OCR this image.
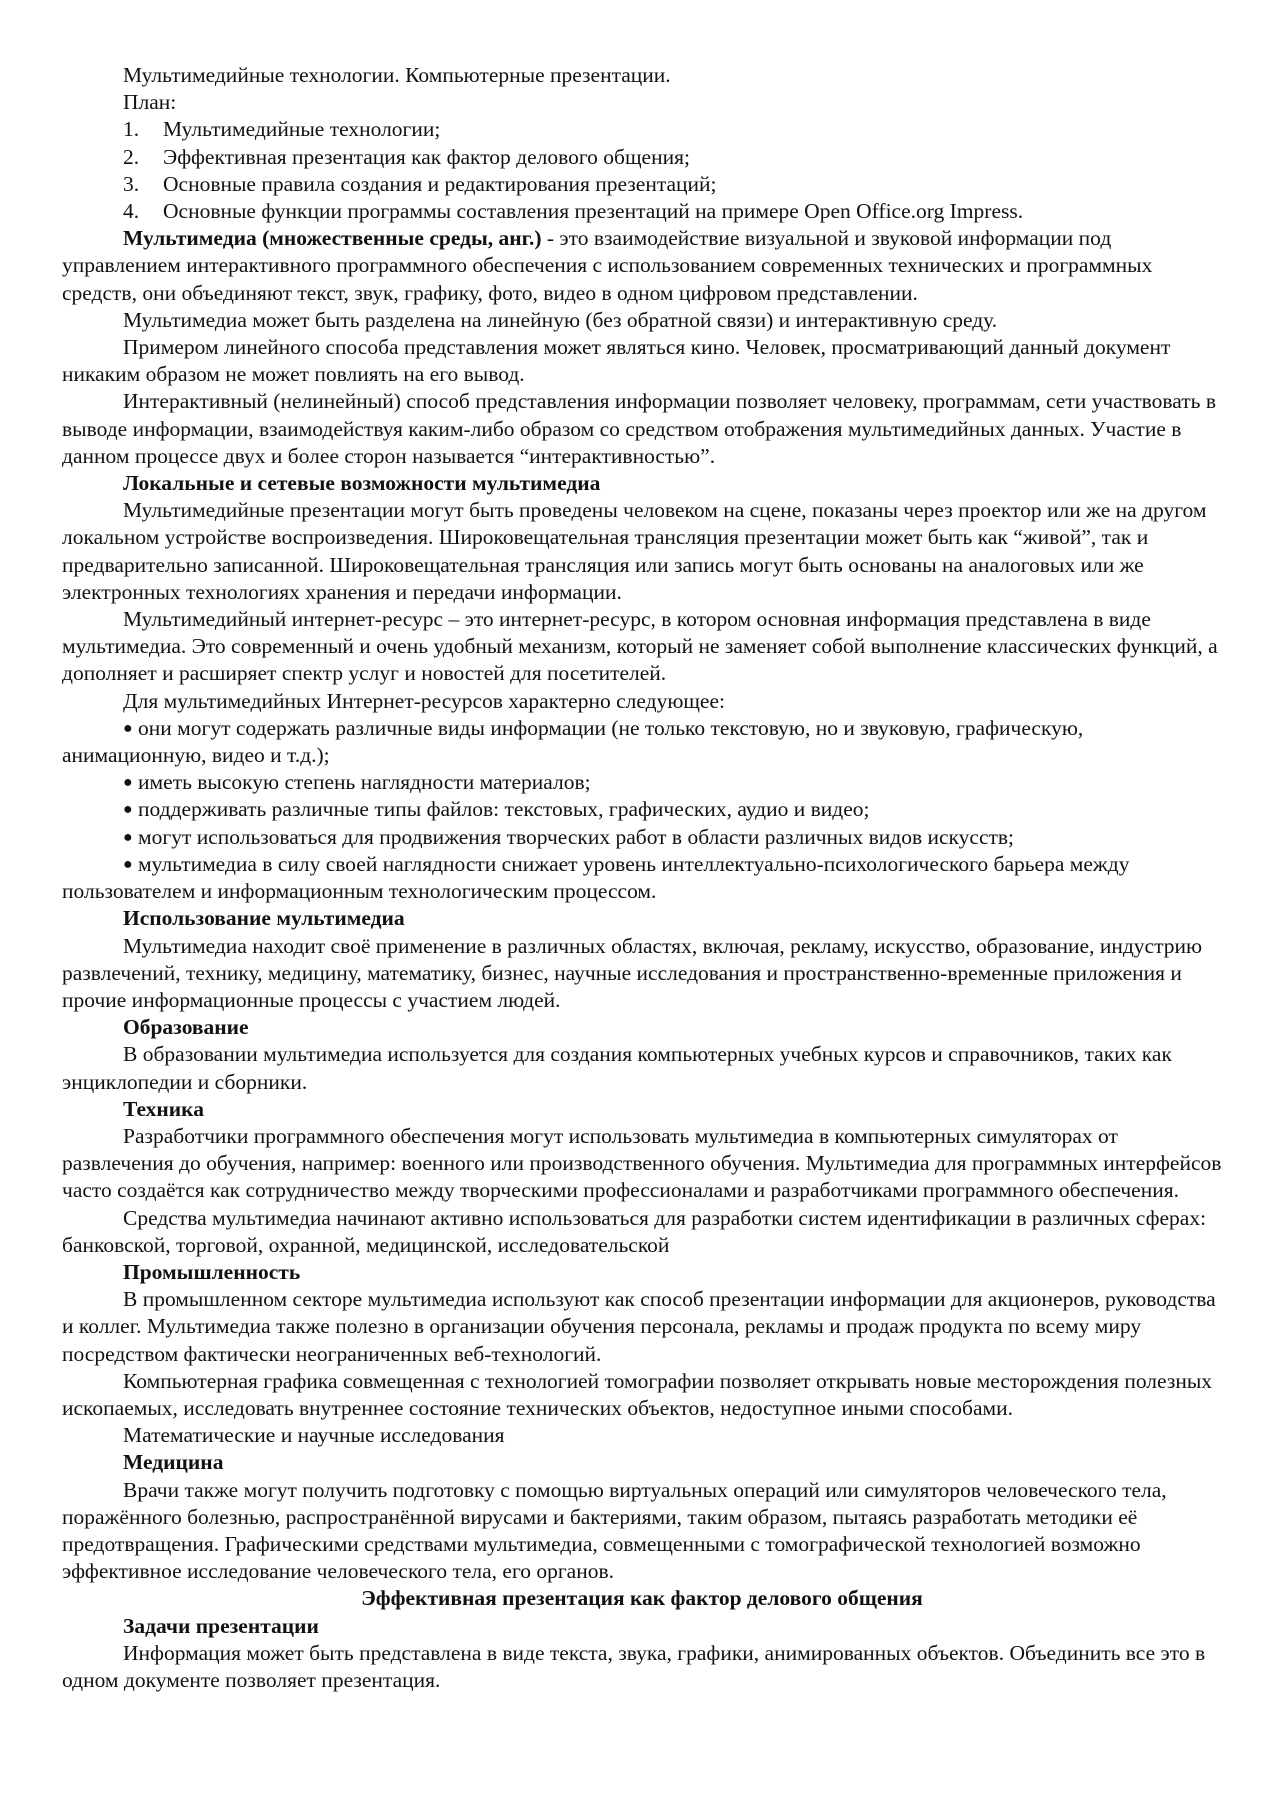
Мультимедийные технологии. Компьютерные презентации.

План:

1.	Мультимедийные технологии;
2.	Эффективная презентация как фактор делового общения;
3.	Основные правила создания и редактирования презентаций;
4.	Основные функции программы составления презентаций на примере Open Office.org Impress.

Мультимедиа (множественные среды, анг.) - это взаимодействие визуальной и звуковой информации под управлением интерактивного программного обеспечения с использованием современных технических и программных средств, они объединяют текст, звук, графику, фото, видео в одном цифровом представлении.

Мультимедиа может быть разделена на линейную (без обратной связи) и интерактивную среду.

Примером линейного способа представления может являться кино. Человек, просматривающий данный документ никаким образом не может повлиять на его вывод.

Интерактивный (нелинейный) способ представления информации позволяет человеку, программам, сети участвовать в выводе информации, взаимодействуя каким-либо образом со средством отображения мультимедийных данных. Участие в данном процессе двух и более сторон называется “интерактивностью”.

Локальные и сетевые возможности мультимедиа

Мультимедийные презентации могут быть проведены человеком на сцене, показаны через проектор или же на другом локальном устройстве воспроизведения. Широковещательная трансляция презентации может быть как “живой”, так и предварительно записанной. Широковещательная трансляция или запись могут быть основаны на аналоговых или же электронных технологиях хранения и передачи информации.

Мультимедийный интернет-ресурс – это интернет-ресурс, в котором основная информация представлена в виде мультимедиа. Это современный и очень удобный механизм, который не заменяет собой выполнение классических функций, а дополняет и расширяет спектр услуг и новостей для посетителей.

Для мультимедийных Интернет-ресурсов характерно следующее:

● они могут содержать различные виды информации (не только текстовую, но и звуковую, графическую, анимационную, видео и т.д.);

● иметь высокую степень наглядности материалов;

● поддерживать различные типы файлов: текстовых, графических, аудио и видео;

● могут использоваться для продвижения творческих работ в области различных видов искусств;

● мультимедиа в силу своей наглядности снижает уровень интеллектуально-психологического барьера между пользователем и информационным технологическим процессом.

Использование мультимедиа

Мультимедиа находит своё применение в различных областях, включая, рекламу, искусство, образование, индустрию развлечений, технику, медицину, математику, бизнес, научные исследования и пространственно-временные приложения и прочие информационные процессы с участием людей.

Образование

В образовании мультимедиа используется для создания компьютерных учебных курсов и справочников, таких как энциклопедии и сборники.

Техника

Разработчики программного обеспечения могут использовать мультимедиа в компьютерных симуляторах от развлечения до обучения, например: военного или производственного обучения. Мультимедиа для программных интерфейсов часто создаётся как сотрудничество между творческими профессионалами и разработчиками программного обеспечения.

Средства мультимедиа начинают активно использоваться для разработки систем идентификации в различных сферах: банковской, торговой, охранной, медицинской, исследовательской

Промышленность

В промышленном секторе мультимедиа используют как способ презентации информации для акционеров, руководства и коллег. Мультимедиа также полезно в организации обучения персонала, рекламы и продаж продукта по всему миру посредством фактически неограниченных веб-технологий.

Компьютерная графика совмещенная с технологией томографии позволяет открывать новые месторождения полезных ископаемых, исследовать внутреннее состояние технических объектов, недоступное иными способами.

Математические и научные исследования

Медицина

Врачи также могут получить подготовку с помощью виртуальных операций или симуляторов человеческого тела, поражённого болезнью, распространённой вирусами и бактериями, таким образом, пытаясь разработать методики её предотвращения. Графическими средствами мультимедиа, совмещенными с томографической технологией возможно эффективное исследование человеческого тела, его органов.

Эффективная презентация как фактор делового общения

Задачи презентации

Информация может быть представлена в виде текста, звука, графики, анимированных объектов. Объединить все это в одном документе позволяет презентация.
